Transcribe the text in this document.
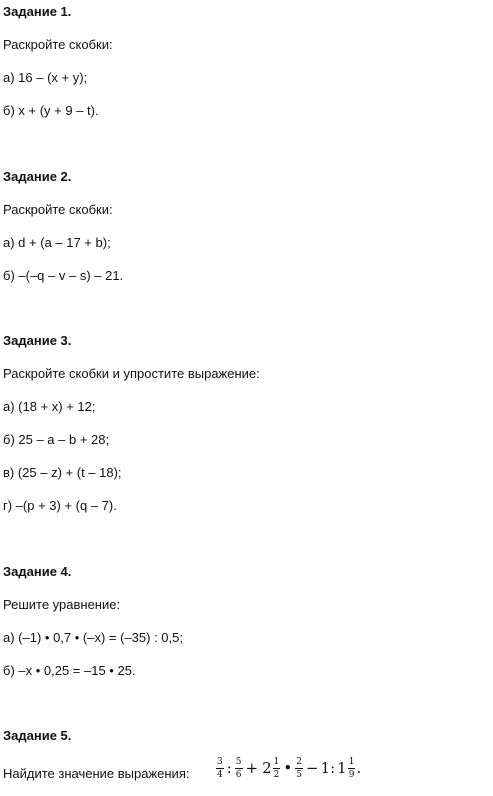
Задание 1.
Раскройте скобки:
а) 16 – (x + y);
б) x + (y + 9 – t).
Задание 2.
Раскройте скобки:
а) d + (a – 17 + b);
б) –(–q – v – s) – 21.
Задание 3.
Раскройте скобки и упростите выражение:
а) (18 + x) + 12;
б) 25 – a – b + 28;
в) (25 – z) + (t – 18);
г) –(p + 3) + (q – 7).
Задание 4.
Решите уравнение:
а) (–1) • 0,7 • (–x) = (–35) : 0,5;
б) –x • 0,25 = –15 • 25.
Задание 5.
Найдите значение выражения:	$\frac{3}{4}$ : $\frac{5}{6} + 2 \frac{1}{2}$ • $\frac{2}{5} - 1$: $1 \frac{1}{9}$ .
